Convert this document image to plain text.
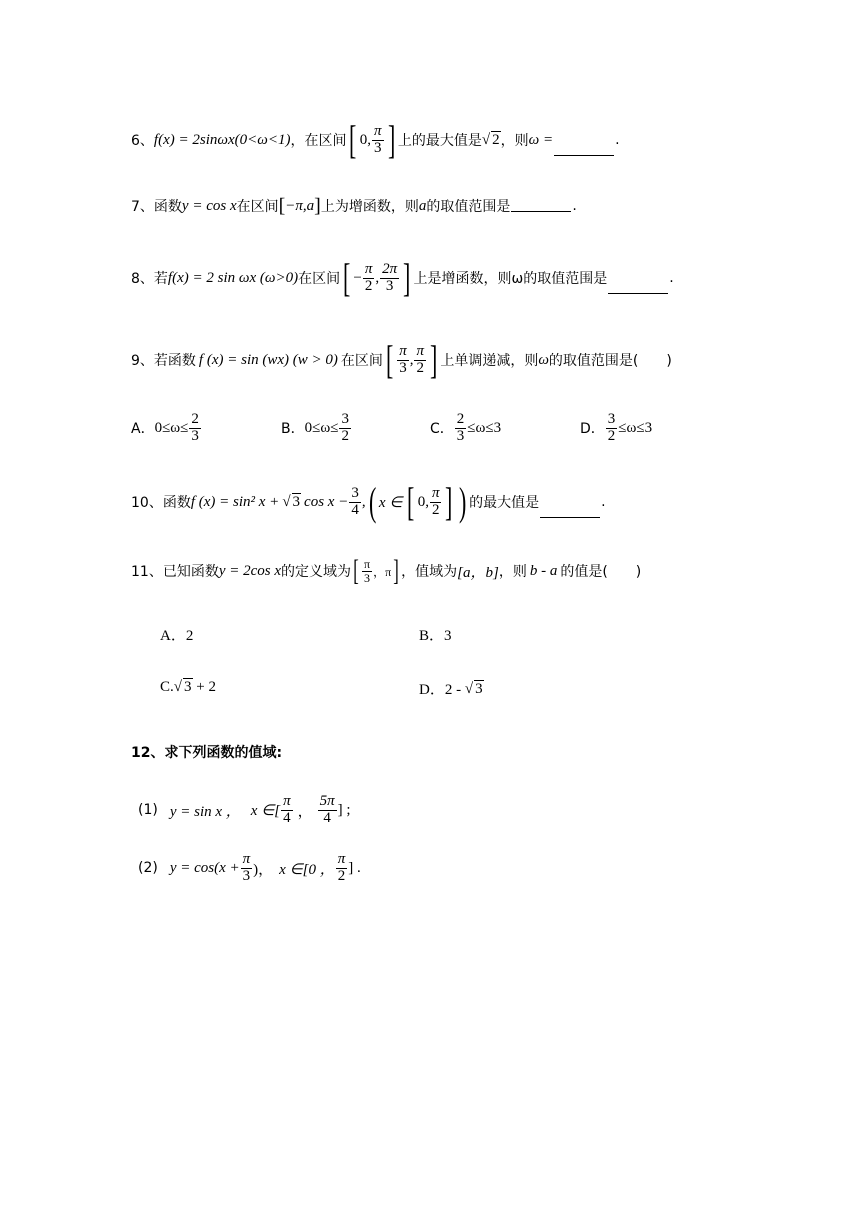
6、 f(x) = 2sinωx(0<ω<1) ，在区间 [ 0, $\frac{\pi}{3}$ ] 上的最大值是 √ 2 ，则 ω =	.
7、 函数 y = cos x 在区间 [ −π,a ] 上为增函数，则 a 的取值范围是	.
8、若 f(x) = 2 sin ωx (ω>0) 在区间 [ − $\frac{\pi}{2}$ , $\frac{2\pi}{3}$ ] 上是增函数，则ω的取值范围是	.
9、若函数 f (x) = sin (wx) (w > 0) 在区间 [ $\frac{\pi}{3}$ , $\frac{\pi}{2}$ ] 上单调递减，则 ω 的取值范围是(　　)
A． $0\le\omega\le \frac{2}{3}$	B． $0\le\omega\le \frac{3}{2}$	C． $\frac{2}{3} \le\omega\le 3$	D． $\frac{3}{2} \le\omega\le 3$
10、函数 f (x) = sin² x + √ 3 $\cos x - \frac{3}{4}$ , ( x ∈ [ 0, $\frac{\pi}{2}$ ] ) 的最大值是	.
11、已知函数 y = 2cos x 的定义域为 [ $\frac{\pi}{3}$ ，π ] ，值域为 [a，b] ，则 b - a 的值是(　　)
A．2	B．3
C. √ 3 + 2	D．2 - √ 3
12、求下列函数的值域:
(1) y = sin x ， x ∈[ $\frac{\pi}{4}$ ， $\frac{5\pi}{4}$ ] ;
(2) $y = \cos(x + \frac{\pi}{3}$ )， x ∈[0 ， $\frac{\pi}{2}$ ] .
